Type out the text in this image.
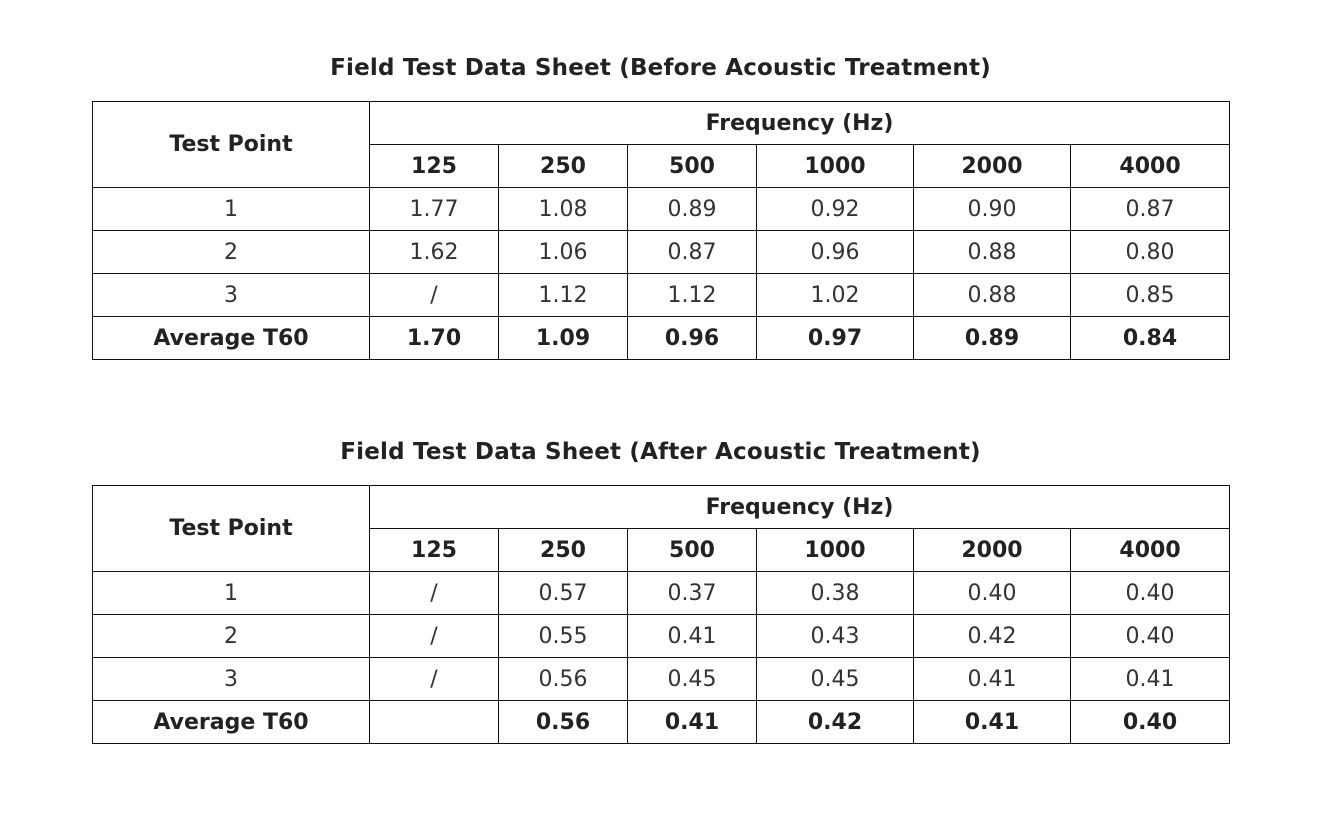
Field Test Data Sheet (Before Acoustic Treatment)
Test Point	Frequency (Hz)					
	125	250	500	1000	2000	4000
1	1.77	1.08	0.89	0.92	0.90	0.87
2	1.62	1.06	0.87	0.96	0.88	0.80
3	/	1.12	1.12	1.02	0.88	0.85
Average T60	1.70	1.09	0.96	0.97	0.89	0.84
Field Test Data Sheet (After Acoustic Treatment)
Test Point	Frequency (Hz)					
	125	250	500	1000	2000	4000
1	/	0.57	0.37	0.38	0.40	0.40
2	/	0.55	0.41	0.43	0.42	0.40
3	/	0.56	0.45	0.45	0.41	0.41
Average T60		0.56	0.41	0.42	0.41	0.40
